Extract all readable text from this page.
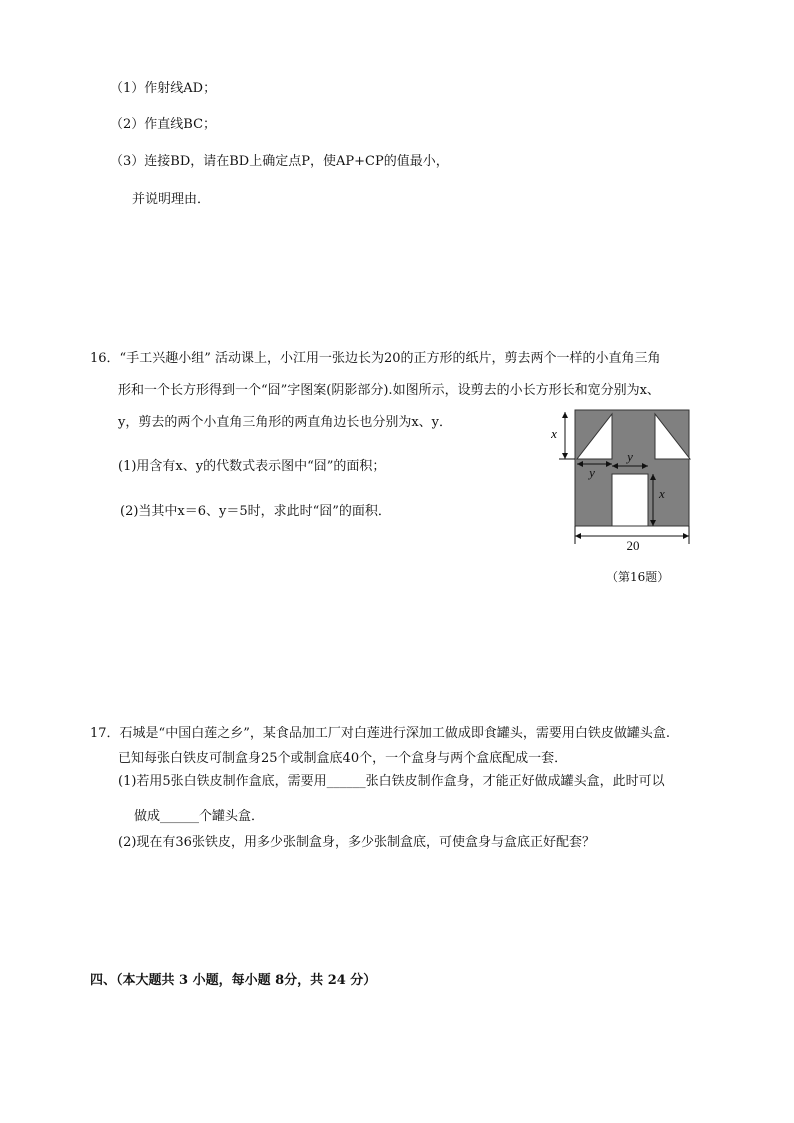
（1）作射线AD；
（2）作直线BC；
（3）连接BD，请在BD上确定点P，使AP+CP的值最小，
并说明理由．
16．“手工兴趣小组” 活动课上，小江用一张边长为20的正方形的纸片，剪去两个一样的小直角三角
形和一个长方形得到一个“囧”字图案(阴影部分).如图所示，设剪去的小长方形长和宽分别为x、
y，剪去的两个小直角三角形的两直角边长也分别为x、y．
(1)用含有x、y的代数式表示图中“囧”的面积；
(2)当其中x＝6、y＝5时，求此时“囧”的面积．
x
y
y
x
20
（第16题）
17．石城是“中国白莲之乡”，某食品加工厂对白莲进行深加工做成即食罐头，需要用白铁皮做罐头盒.
已知每张白铁皮可制盒身25个或制盒底40个，一个盒身与两个盒底配成一套．
(1)若用5张白铁皮制作盒底，需要用______张白铁皮制作盒身，才能正好做成罐头盒，此时可以
做成______个罐头盒．
(2)现在有36张铁皮，用多少张制盒身，多少张制盒底，可使盒身与盒底正好配套？
四、（本大题共 3 小题，每小题 8分，共 24 分）
